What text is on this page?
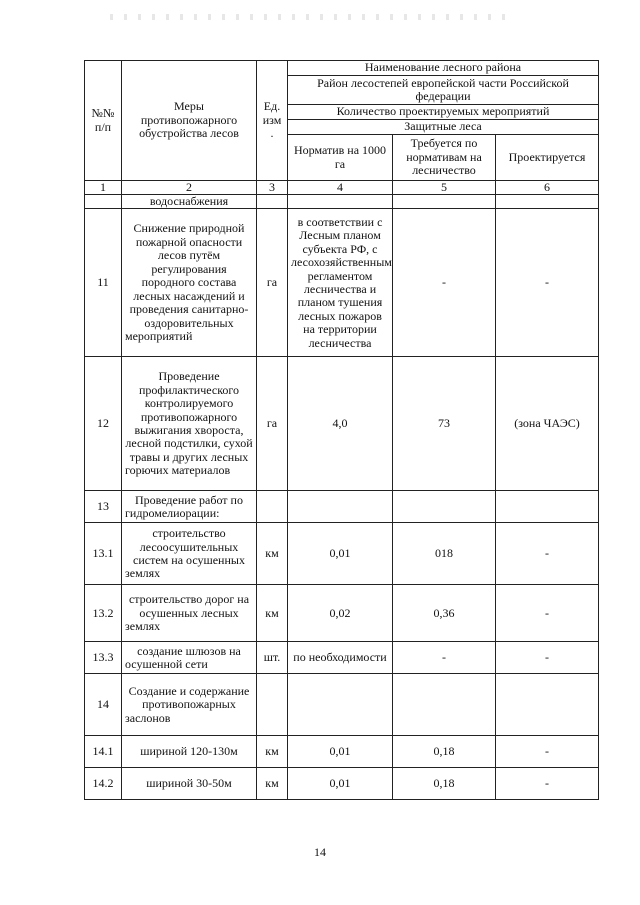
№№ п/п	Меры противопожарного обустройства лесов	Ед. изм .	Наименование лесного района		
			Район лесостепей европейской части Российской федерации		
			Количество проектируемых мероприятий		
			Защитные леса		
			Норматив на 1000 га	Требуется по нормативам на лесничество	Проектируется
1	2	3	4	5	6
	водоснабжения				
11	Снижение природной пожарной опасности лесов путём регулирования породного состава лесных насаждений и проведения санитарно-оздоровительных мероприятий	га	в соответствии с Лесным планом субъекта РФ, с лесохозяйственным регламентом лесничества и планом тушения лесных пожаров на территории лесничества	-	-
12	Проведение профилактического контролируемого противопожарного выжигания хвороста, лесной подстилки, сухой травы и других лесных горючих материалов	га	4,0	73	(зона ЧАЭС)
13	Проведение работ по гидромелиорации:				
13.1	строительство лесоосушительных систем на осушенных землях	км	0,01	018	-
13.2	строительство дорог на осушенных лесных землях	км	0,02	0,36	-
13.3	создание шлюзов на осушенной сети	шт.	по необходимости	-	-
14	Создание и содержание противопожарных заслонов				
14.1	шириной 120-130м	км	0,01	0,18	-
14.2	шириной 30-50м	км	0,01	0,18	-
14
